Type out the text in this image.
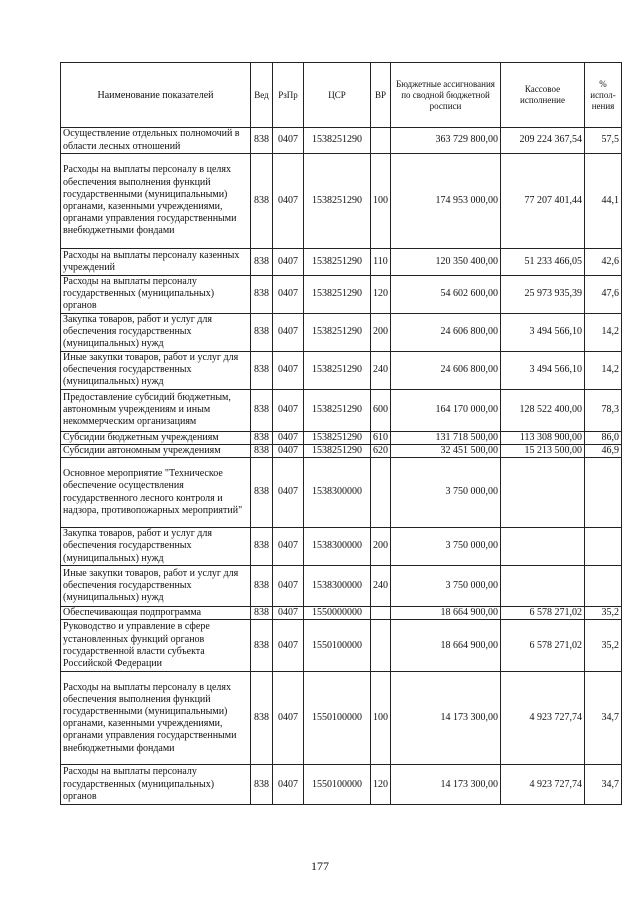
Наименование показателей	Вед	РзПр	ЦСР	ВР	Бюджетные ассигнования по сводной бюджетной росписи	Кассовое исполнение	% испол-нения
Осуществление отдельных полномочий в области лесных отношений	838	0407	1538251290		363 729 800,00	209 224 367,54	57,5
Расходы на выплаты персоналу в целях обеспечения выполнения функций государственными (муниципальными) органами, казенными учреждениями, органами управления государственными внебюджетными фондами	838	0407	1538251290	100	174 953 000,00	77 207 401,44	44,1
Расходы на выплаты персоналу казенных учреждений	838	0407	1538251290	110	120 350 400,00	51 233 466,05	42,6
Расходы на выплаты персоналу государственных (муниципальных) органов	838	0407	1538251290	120	54 602 600,00	25 973 935,39	47,6
Закупка товаров, работ и услуг для обеспечения государственных (муниципальных) нужд	838	0407	1538251290	200	24 606 800,00	3 494 566,10	14,2
Иные закупки товаров, работ и услуг для обеспечения государственных (муниципальных) нужд	838	0407	1538251290	240	24 606 800,00	3 494 566,10	14,2
Предоставление субсидий бюджетным, автономным учреждениям и иным некоммерческим организациям	838	0407	1538251290	600	164 170 000,00	128 522 400,00	78,3
Субсидии бюджетным учреждениям	838	0407	1538251290	610	131 718 500,00	113 308 900,00	86,0
Субсидии автономным учреждениям	838	0407	1538251290	620	32 451 500,00	15 213 500,00	46,9
Основное мероприятие "Техническое обеспечение осуществления государственного лесного контроля и надзора, противопожарных мероприятий"	838	0407	1538300000		3 750 000,00		
Закупка товаров, работ и услуг для обеспечения государственных (муниципальных) нужд	838	0407	1538300000	200	3 750 000,00		
Иные закупки товаров, работ и услуг для обеспечения государственных (муниципальных) нужд	838	0407	1538300000	240	3 750 000,00		
Обеспечивающая подпрограмма	838	0407	1550000000		18 664 900,00	6 578 271,02	35,2
Руководство и управление в сфере установленных функций органов государственной власти субъекта Российской Федерации	838	0407	1550100000		18 664 900,00	6 578 271,02	35,2
Расходы на выплаты персоналу в целях обеспечения выполнения функций государственными (муниципальными) органами, казенными учреждениями, органами управления государственными внебюджетными фондами	838	0407	1550100000	100	14 173 300,00	4 923 727,74	34,7
Расходы на выплаты персоналу государственных (муниципальных) органов	838	0407	1550100000	120	14 173 300,00	4 923 727,74	34,7
177
